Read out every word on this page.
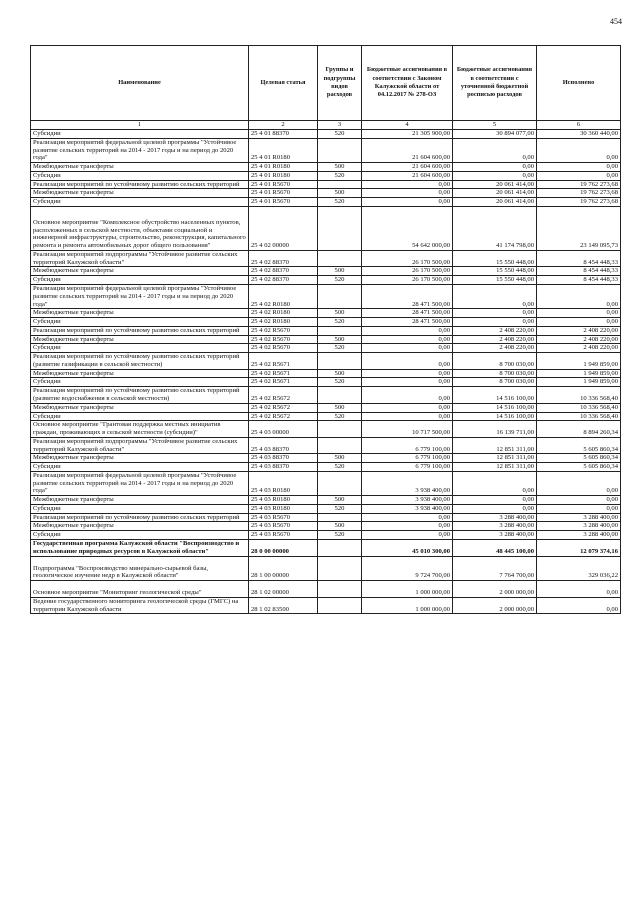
454
Наименование	Целевая статья	Группы и подгруппы видов расходов	Бюджетные ассигнования в соответствии с Законом Калужской области от 04.12.2017 № 278-ОЗ	Бюджетные ассигнования в соответствии с уточненной бюджетной росписью расходов	Исполнено
1	2	3	4	5	6
Субсидии	25 4 01 88370	520	21 305 900,00	30 894 077,00	30 360 440,00
Реализация мероприятий федеральной целевой программы "Устойчивое развитие сельских территорий на 2014 - 2017 годы и на период до 2020 года"	25 4 01 R0180		21 604 600,00	0,00	0,00
Межбюджетные трансферты	25 4 01 R0180	500	21 604 600,00	0,00	0,00
Субсидии	25 4 01 R0180	520	21 604 600,00	0,00	0,00
Реализация мероприятий по устойчивому развитию сельских территорий	25 4 01 R5670		0,00	20 061 414,00	19 762 273,68
Межбюджетные трансферты	25 4 01 R5670	500	0,00	20 061 414,00	19 762 273,68
Субсидии	25 4 01 R5670	520	0,00	20 061 414,00	19 762 273,68
Основное мероприятие "Комплексное обустройство населенных пунктов, расположенных в сельской местности, объектами социальной и инженерной инфраструктуры, строительство, реконструкция, капитального ремонта и ремонта автомобильных дорог общего пользования"	25 4 02 00000		54 642 000,00	41 174 798,00	23 149 095,73
Реализация мероприятий подпрограммы "Устойчивое развитие сельских территорий Калужской области"	25 4 02 88370		26 170 500,00	15 550 448,00	8 454 448,33
Межбюджетные трансферты	25 4 02 88370	500	26 170 500,00	15 550 448,00	8 454 448,33
Субсидии	25 4 02 88370	520	26 170 500,00	15 550 448,00	8 454 448,33
Реализация мероприятий федеральной целевой программы "Устойчивое развитие сельских территорий на 2014 - 2017 годы и на период до 2020 года"	25 4 02 R0180		28 471 500,00	0,00	0,00
Межбюджетные трансферты	25 4 02 R0180	500	28 471 500,00	0,00	0,00
Субсидии	25 4 02 R0180	520	28 471 500,00	0,00	0,00
Реализация мероприятий по устойчивому развитию сельских территорий	25 4 02 R5670		0,00	2 408 220,00	2 408 220,00
Межбюджетные трансферты	25 4 02 R5670	500	0,00	2 408 220,00	2 408 220,00
Субсидии	25 4 02 R5670	520	0,00	2 408 220,00	2 408 220,00
Реализация мероприятий по устойчивому развитию сельских территорий (развитие газификации в сельской местности)	25 4 02 R5671		0,00	8 700 030,00	1 949 859,00
Межбюджетные трансферты	25 4 02 R5671	500	0,00	8 700 030,00	1 949 859,00
Субсидии	25 4 02 R5671	520	0,00	8 700 030,00	1 949 859,00
Реализация мероприятий по устойчивому развитию сельских территорий (развитие водоснабжения в сельской местности)	25 4 02 R5672		0,00	14 516 100,00	10 336 568,40
Межбюджетные трансферты	25 4 02 R5672	500	0,00	14 516 100,00	10 336 568,40
Субсидии	25 4 02 R5672	520	0,00	14 516 100,00	10 336 568,40
Основное мероприятие "Грантовая поддержка местных инициатив граждан, проживающих в сельской местности (субсидии)"	25 4 03 00000		10 717 500,00	16 139 711,00	8 894 260,34
Реализация мероприятий подпрограммы "Устойчивое развитие сельских территорий Калужской области"	25 4 03 88370		6 779 100,00	12 851 311,00	5 605 860,34
Межбюджетные трансферты	25 4 03 88370	500	6 779 100,00	12 851 311,00	5 605 860,34
Субсидии	25 4 03 88370	520	6 779 100,00	12 851 311,00	5 605 860,34
Реализация мероприятий федеральной целевой программы "Устойчивое развитие сельских территорий на 2014 - 2017 годы и на период до 2020 года"	25 4 03 R0180		3 938 400,00	0,00	0,00
Межбюджетные трансферты	25 4 03 R0180	500	3 938 400,00	0,00	0,00
Субсидии	25 4 03 R0180	520	3 938 400,00	0,00	0,00
Реализация мероприятий по устойчивому развитию сельских территорий	25 4 03 R5670		0,00	3 288 400,00	3 288 400,00
Межбюджетные трансферты	25 4 03 R5670	500	0,00	3 288 400,00	3 288 400,00
Субсидии	25 4 03 R5670	520	0,00	3 288 400,00	3 288 400,00
Государственная программа Калужской области "Воспроизводство и использование природных ресурсов в Калужской области"	28 0 00 00000		45 010 300,00	48 445 100,00	12 079 374,16
Подпрограмма "Воспроизводство минерально-сырьевой базы, геологическое изучение недр в Калужской области"	28 1 00 00000		9 724 700,00	7 764 700,00	329 036,22
Основное мероприятие "Мониторинг геологической среды"	28 1 02 00000		1 000 000,00	2 000 000,00	0,00
Ведение государственного мониторинга геологической среды (ГМГС) на территории Калужской области	28 1 02 83500		1 000 000,00	2 000 000,00	0,00
